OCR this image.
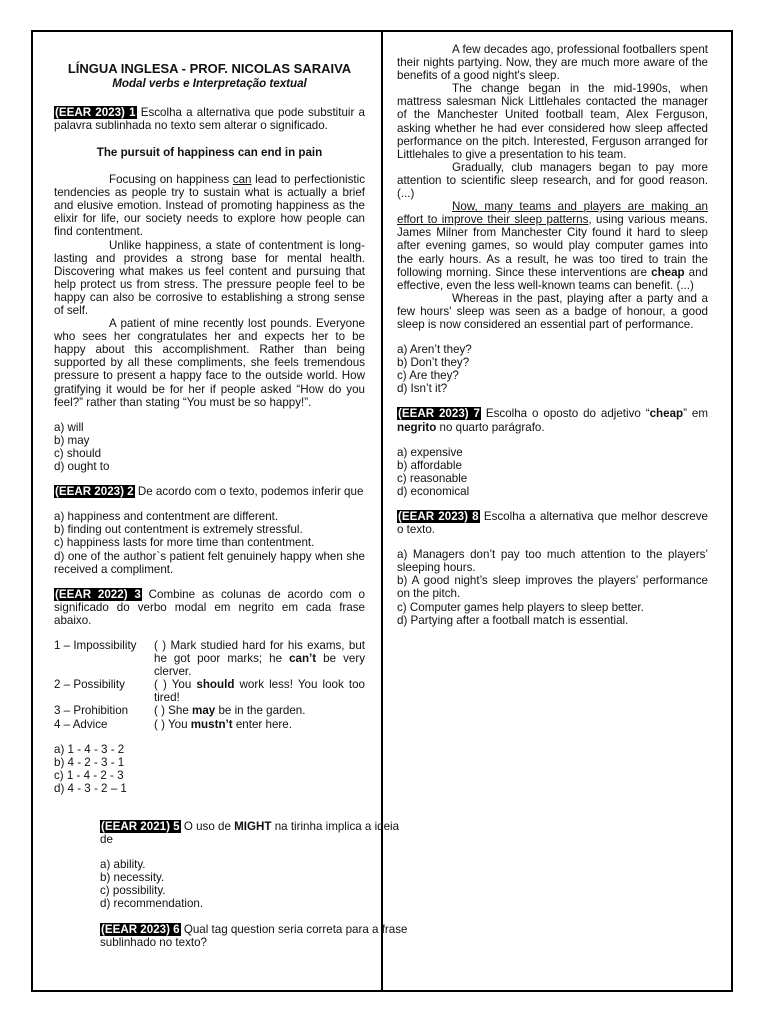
LÍNGUA INGLESA - PROF. NICOLAS SARAIVA

Modal verbs e Interpretação textual

(EEAR 2023) 1 Escolha a alternativa que pode substituir a palavra sublinhada no texto sem alterar o significado.

The pursuit of happiness can end in pain

Focusing on happiness can lead to perfectionistic tendencies as people try to sustain what is actually a brief and elusive emotion. Instead of promoting happiness as the elixir for life, our society needs to explore how people can find contentment.

Unlike happiness, a state of contentment is long-lasting and provides a strong base for mental health. Discovering what makes us feel content and pursuing that help protect us from stress. The pressure people feel to be happy can also be corrosive to establishing a strong sense of self.

A patient of mine recently lost pounds. Everyone who sees her congratulates her and expects her to be happy about this accomplishment. Rather than being supported by all these compliments, she feels tremendous pressure to present a happy face to the outside world. How gratifying it would be for her if people asked “How do you feel?” rather than stating “You must be so happy!”.

a) will
b) may
c) should
d) ought to

(EEAR 2023) 2 De acordo com o texto, podemos inferir que

a) happiness and contentment are different.

b) finding out contentment is extremely stressful.

c) happiness lasts for more time than contentment.

d) one of the author`s patient felt genuinely happy when she received a compliment.

(EEAR 2022) 3 Combine as colunas de acordo com o significado do verbo modal em negrito em cada frase abaixo.

1 – Impossibility	( ) Mark studied hard for his exams, but he got poor marks; he can’t be very clerver.

2 – Possibility	( ) You should work less! You look too tired!

3 – Prohibition	( ) She may be in the garden.

4 – Advice	( ) You mustn’t enter here.

a) 1 - 4 - 3 - 2
b) 4 - 2 - 3 - 1
c) 1 - 4 - 2 - 3
d) 4 - 3 - 2 – 1

A few decades ago, professional footballers spent their nights partying. Now, they are much more aware of the benefits of a good night's sleep.

The change began in the mid-1990s, when mattress salesman Nick Littlehales contacted the manager of the Manchester United football team, Alex Ferguson, asking whether he had ever considered how sleep affected performance on the pitch. Interested, Ferguson arranged for Littlehales to give a presentation to his team.

Gradually, club managers began to pay more attention to scientific sleep research, and for good reason. (...)

Now, many teams and players are making an effort to improve their sleep patterns, using various means. James Milner from Manchester City found it hard to sleep after evening games, so would play computer games into the early hours. As a result, he was too tired to train the following morning. Since these interventions are cheap and effective, even the less well-known teams can benefit. (...)

Whereas in the past, playing after a party and a few hours' sleep was seen as a badge of honour, a good sleep is now considered an essential part of performance.

a) Aren’t they?
b) Don’t they?
c) Are they?
d) Isn’t it?

(EEAR 2023) 7 Escolha o oposto do adjetivo “cheap” em negrito no quarto parágrafo.

a) expensive
b) affordable
c) reasonable
d) economical

(EEAR 2023) 8 Escolha a alternativa que melhor descreve o texto.

a) Managers don’t pay too much attention to the players’ sleeping hours.

b) A good night’s sleep improves the players’ performance on the pitch.

c) Computer games help players to sleep better.

d) Partying after a football match is essential.

(EEAR 2021) 5 O uso de MIGHT na tirinha implica a ideia de

a) ability.
b) necessity.
c) possibility.
d) recommendation.

(EEAR 2023) 6 Qual tag question seria correta para a frase sublinhado no texto?
